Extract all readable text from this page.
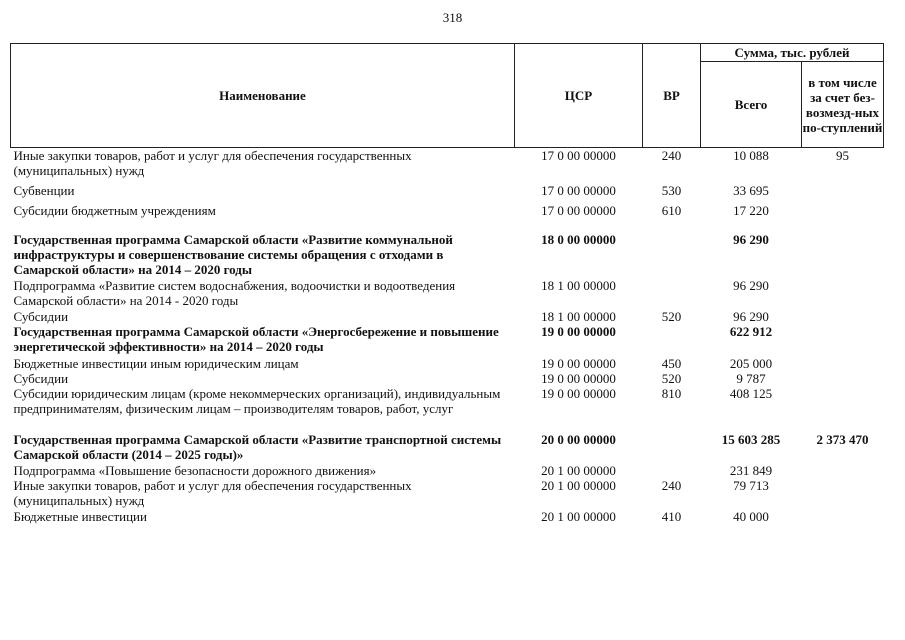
318
Наименование	ЦСР	ВР	Сумма, тыс. рублей	
			Всего	в том числе за счет без-возмезд-ных по-ступлений
Иные закупки товаров, работ и услуг для обеспечения государственных (муниципальных) нужд	17 0 00 00000	240	10 088	95
Субвенции	17 0 00 00000	530	33 695	
Субсидии бюджетным учреждениям	17 0 00 00000	610	17 220	
Государственная программа Самарской области «Развитие коммунальной инфраструктуры и совершенствование системы обращения с отходами в Самарской области» на 2014 – 2020 годы	18 0 00 00000		96 290	
Подпрограмма «Развитие систем водоснабжения, водоочистки и водоотведения Самарской области» на 2014 - 2020 годы	18 1 00 00000		96 290	
Субсидии	18 1 00 00000	520	96 290	
Государственная программа Самарской области «Энергосбережение и повышение энергетической эффективности» на 2014 – 2020 годы	19 0 00 00000		622 912	
Бюджетные инвестиции иным юридическим лицам	19 0 00 00000	450	205 000	
Субсидии	19 0 00 00000	520	9 787	
Субсидии юридическим лицам (кроме некоммерческих организаций), индивидуальным предпринимателям, физическим лицам – производителям товаров, работ, услуг	19 0 00 00000	810	408 125	
Государственная программа Самарской области «Развитие транспортной системы Самарской области (2014 – 2025 годы)»	20 0 00 00000		15 603 285	2 373 470
Подпрограмма «Повышение безопасности дорожного движения»	20 1 00 00000		231 849	
Иные закупки товаров, работ и услуг для обеспечения государственных (муниципальных) нужд	20 1 00 00000	240	79 713	
Бюджетные инвестиции	20 1 00 00000	410	40 000	
